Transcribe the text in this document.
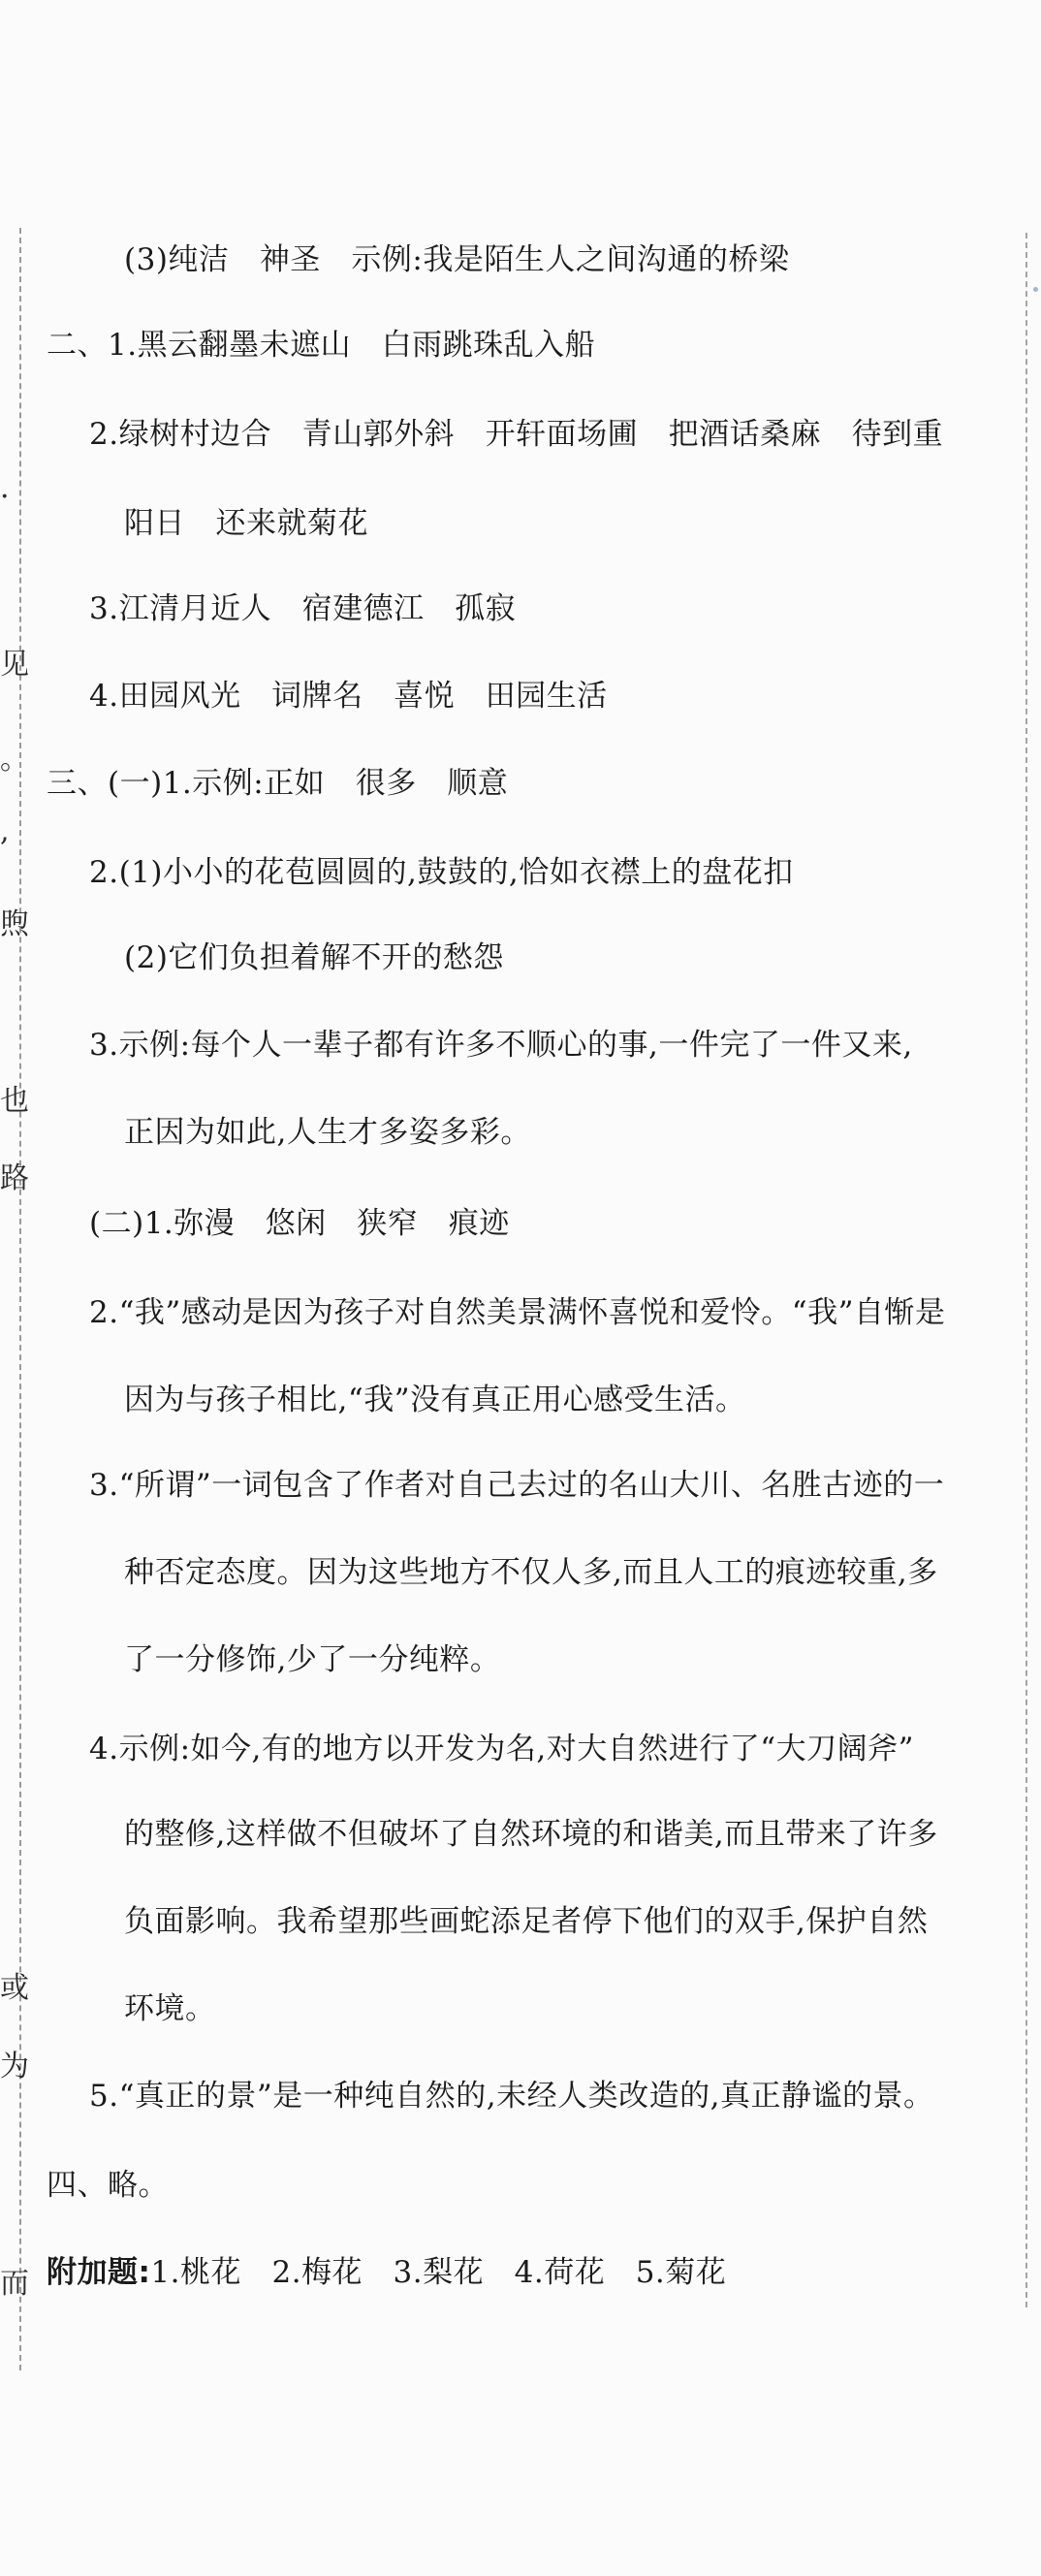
·
见
。
,
煦
也
路
或
为
而
(3)纯洁　神圣　示例:我是陌生人之间沟通的桥梁
二、1.黑云翻墨未遮山　白雨跳珠乱入船
2.绿树村边合　青山郭外斜　开轩面场圃　把酒话桑麻　待到重
阳日　还来就菊花
3.江清月近人　宿建德江　孤寂
4.田园风光　词牌名　喜悦　田园生活
三、(一)1.示例:正如　很多　顺意
2.(1)小小的花苞圆圆的,鼓鼓的,恰如衣襟上的盘花扣
(2)它们负担着解不开的愁怨
3.示例:每个人一辈子都有许多不顺心的事,一件完了一件又来,
正因为如此,人生才多姿多彩。
(二)1.弥漫　悠闲　狭窄　痕迹
2.“我”感动是因为孩子对自然美景满怀喜悦和爱怜。“我”自惭是
因为与孩子相比,“我”没有真正用心感受生活。
3.“所谓”一词包含了作者对自己去过的名山大川、名胜古迹的一
种否定态度。因为这些地方不仅人多,而且人工的痕迹较重,多
了一分修饰,少了一分纯粹。
4.示例:如今,有的地方以开发为名,对大自然进行了“大刀阔斧”
的整修,这样做不但破坏了自然环境的和谐美,而且带来了许多
负面影响。我希望那些画蛇添足者停下他们的双手,保护自然
环境。
5.“真正的景”是一种纯自然的,未经人类改造的,真正静谧的景。
四、略。
附加题:1.桃花　2.梅花　3.梨花　4.荷花　5.菊花
